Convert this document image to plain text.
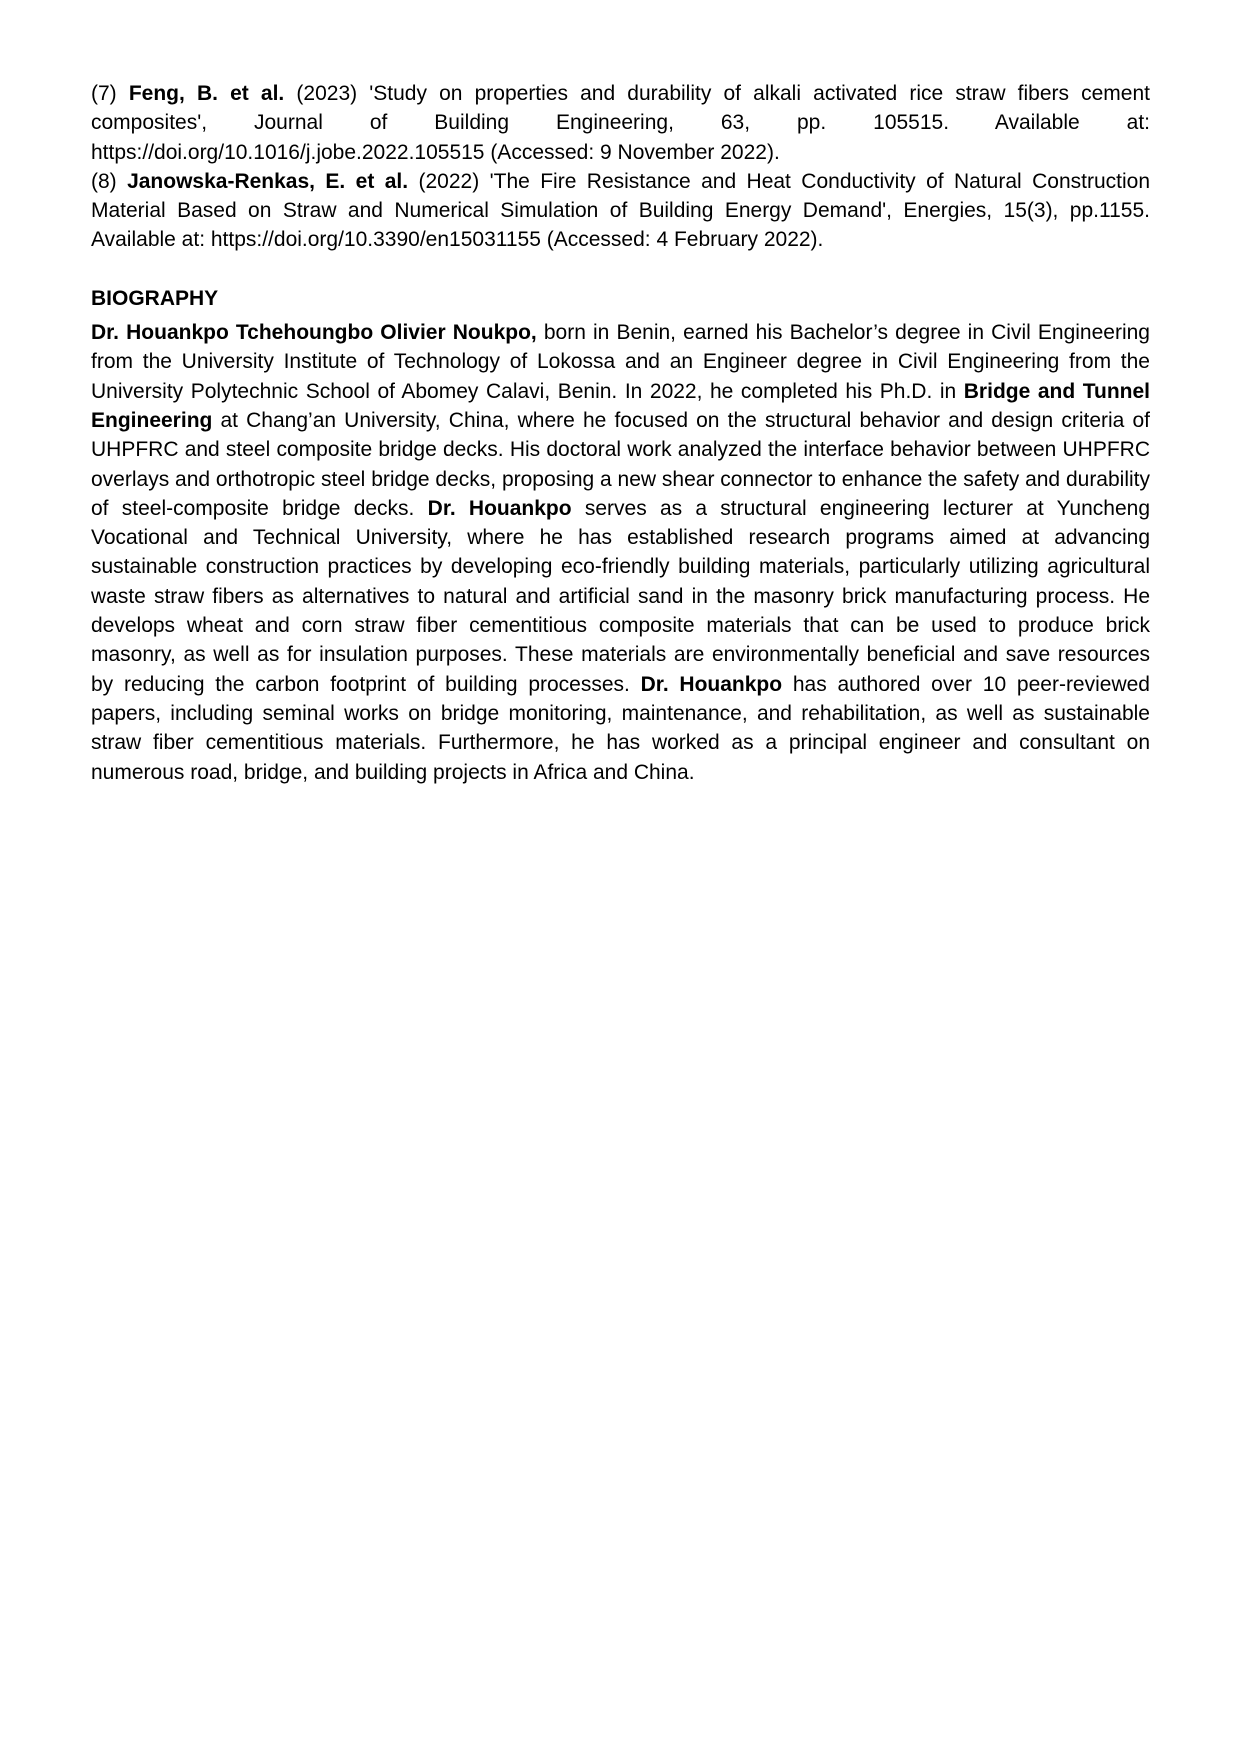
(7) Feng, B. et al. (2023) 'Study on properties and durability of alkali activated rice straw fibers cement composites', Journal of Building Engineering, 63, pp. 105515. Available at: https://doi.org/10.1016/j.jobe.2022.105515 (Accessed: 9 November 2022).

(8) Janowska-Renkas, E. et al. (2022) 'The Fire Resistance and Heat Conductivity of Natural Construction Material Based on Straw and Numerical Simulation of Building Energy Demand', Energies, 15(3), pp.1155. Available at: https://doi.org/10.3390/en15031155 (Accessed: 4 February 2022).

BIOGRAPHY

Dr. Houankpo Tchehoungbo Olivier Noukpo, born in Benin, earned his Bachelor’s degree in Civil Engineering from the University Institute of Technology of Lokossa and an Engineer degree in Civil Engineering from the University Polytechnic School of Abomey Calavi, Benin. In 2022, he completed his Ph.D. in Bridge and Tunnel Engineering at Chang’an University, China, where he focused on the structural behavior and design criteria of UHPFRC and steel composite bridge decks. His doctoral work analyzed the interface behavior between UHPFRC overlays and orthotropic steel bridge decks, proposing a new shear connector to enhance the safety and durability of steel-composite bridge decks. Dr. Houankpo serves as a structural engineering lecturer at Yuncheng Vocational and Technical University, where he has established research programs aimed at advancing sustainable construction practices by developing eco-friendly building materials, particularly utilizing agricultural waste straw fibers as alternatives to natural and artificial sand in the masonry brick manufacturing process. He develops wheat and corn straw fiber cementitious composite materials that can be used to produce brick masonry, as well as for insulation purposes. These materials are environmentally beneficial and save resources by reducing the carbon footprint of building processes. Dr. Houankpo has authored over 10 peer-reviewed papers, including seminal works on bridge monitoring, maintenance, and rehabilitation, as well as sustainable straw fiber cementitious materials. Furthermore, he has worked as a principal engineer and consultant on numerous road, bridge, and building projects in Africa and China.
